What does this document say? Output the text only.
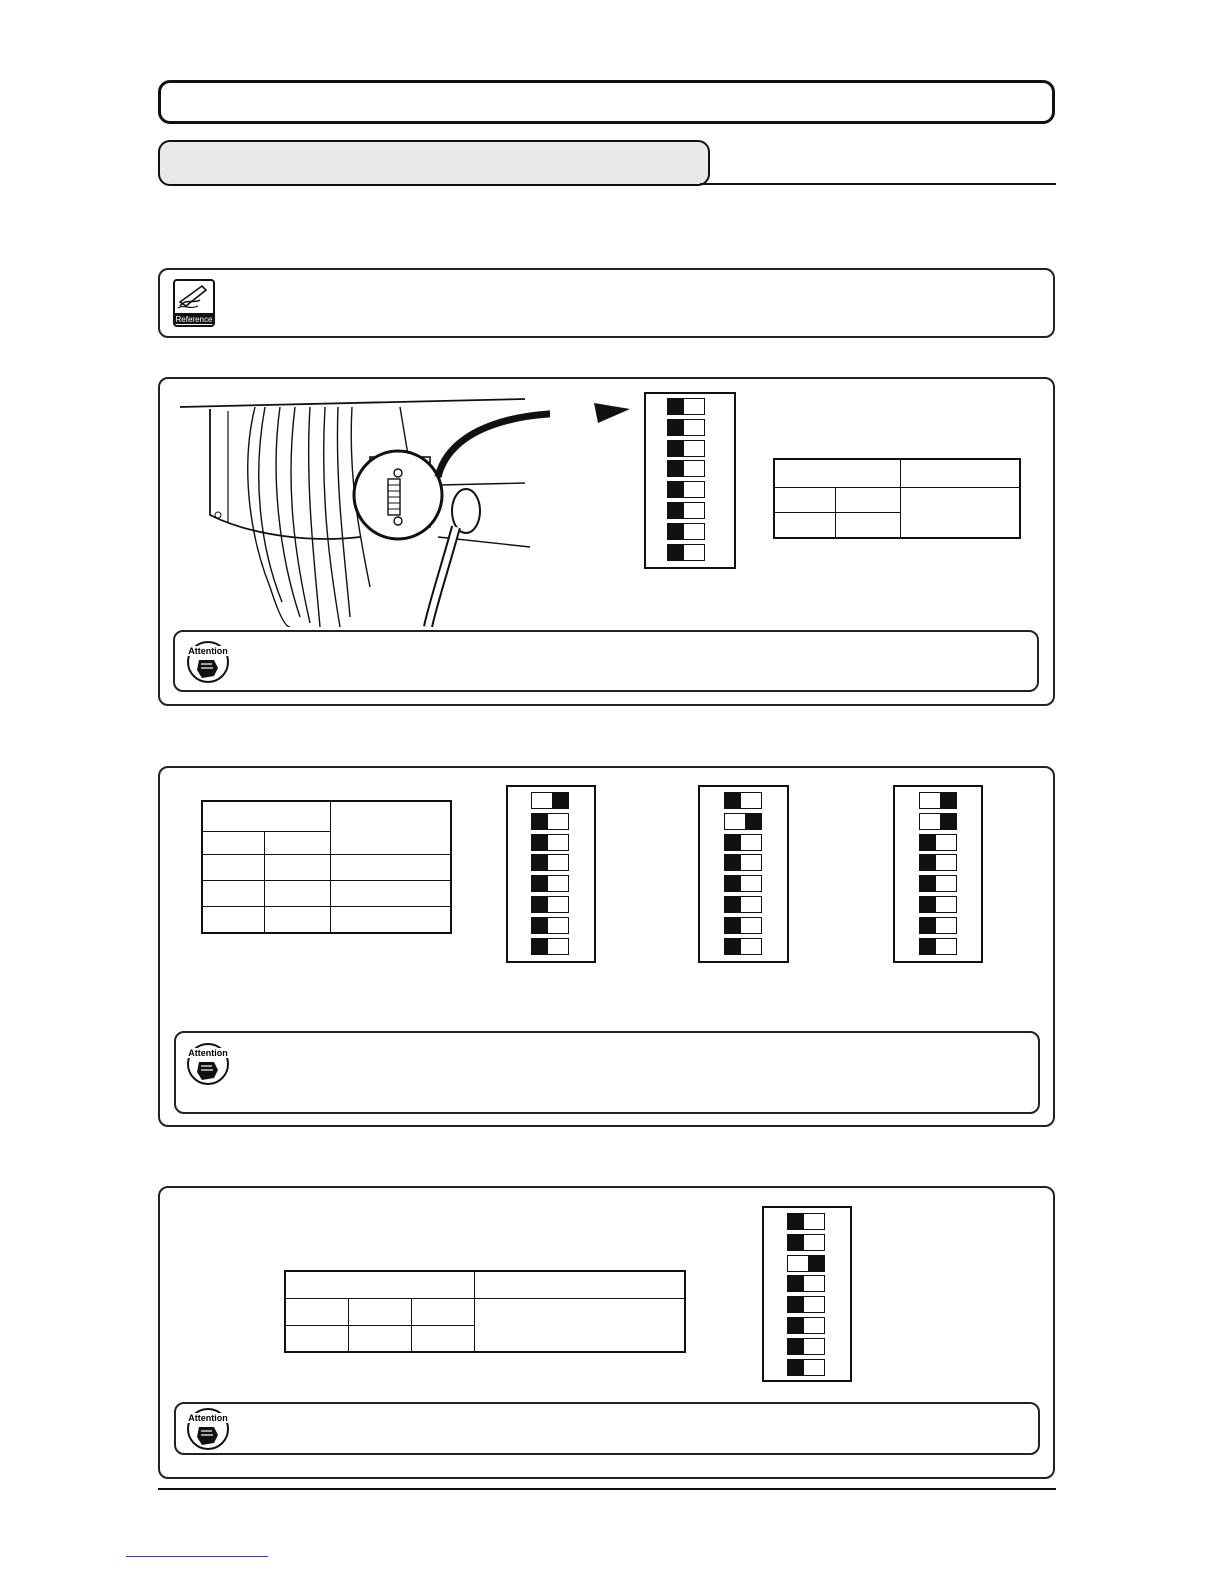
Reference

Attention
Attention
Attention
